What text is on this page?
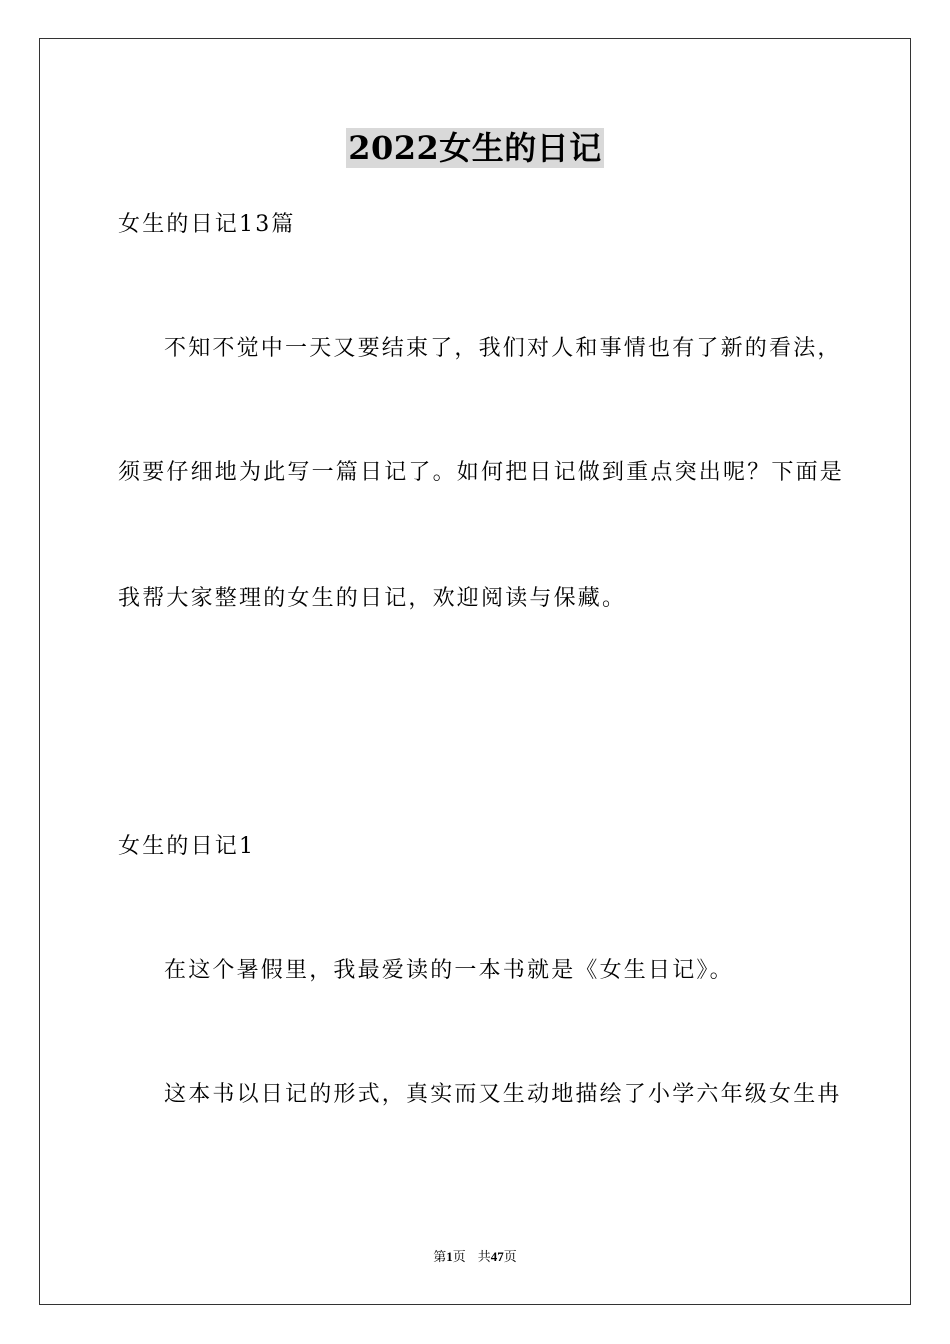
2022女生的日记
女生的日记13篇
不知不觉中一天又要结束了，我们对人和事情也有了新的看法，
须要仔细地为此写一篇日记了。如何把日记做到重点突出呢？下面是
我帮大家整理的女生的日记，欢迎阅读与保藏。
女生的日记1
在这个暑假里，我最爱读的一本书就是《女生日记》。
这本书以日记的形式，真实而又生动地描绘了小学六年级女生冉
第1页 共47页
